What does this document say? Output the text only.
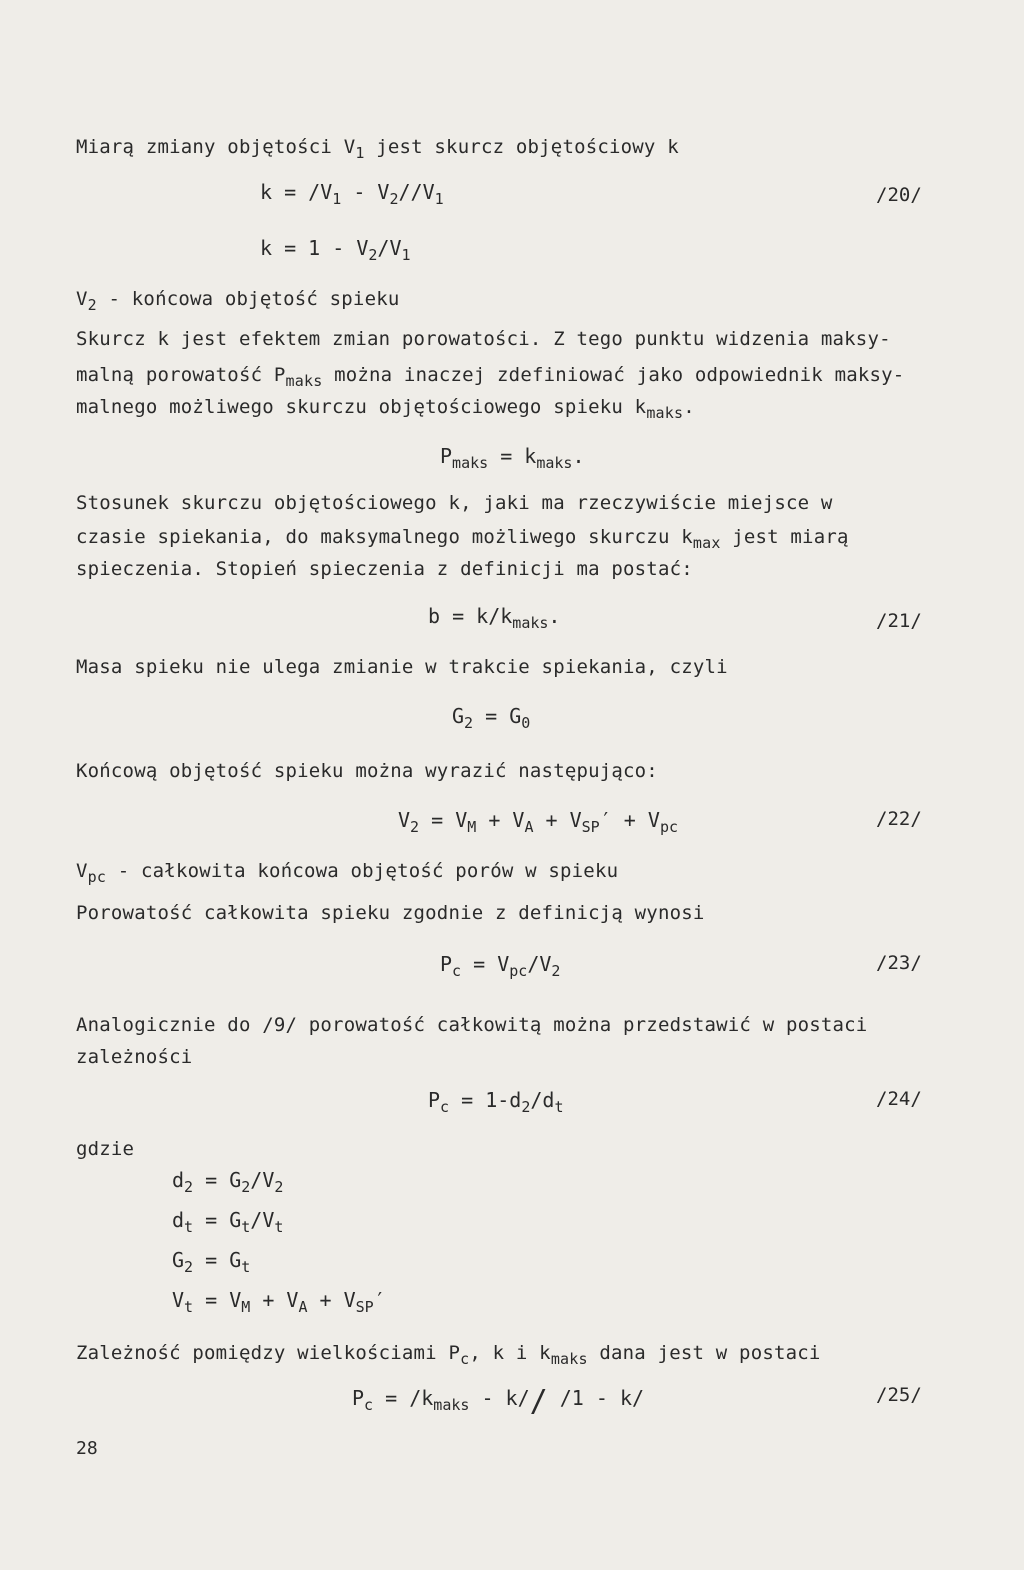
Miarą zmiany objętości $V_1$ jest skurcz objętościowy k
$k = /V_1 - V_2//V_1$	/20/
$k = 1 - V_2/V_1$
$V_2$ - końcowa objętość spieku
Skurcz k jest efektem zmian porowatości. Z tego punktu widzenia maksy-
malną porowatość $P_{maks}$ można inaczej zdefiniować jako odpowiednik maksy-
malnego możliwego skurczu objętościowego spieku $k_{maks}$.
$P_{maks} = k_{maks}$.
Stosunek skurczu objętościowego k, jaki ma rzeczywiście miejsce w
czasie spiekania, do maksymalnego możliwego skurczu $k_{max}$ jest miarą
spieczenia. Stopień spieczenia z definicji ma postać:
$b = k/k_{maks}$.	/21/
Masa spieku nie ulega zmianie w trakcie spiekania, czyli
$G_2 = G_0$
Końcową objętość spieku można wyrazić następująco:
$V_2 = V_M + V_A + V_{SP}' + V_{pc}$	/22/
$V_{pc}$ - całkowita końcowa objętość porów w spieku
Porowatość całkowita spieku zgodnie z definicją wynosi
$P_c = V_{pc}/V_2$	/23/
Analogicznie do /9/ porowatość całkowitą można przedstawić w postaci
zależności
$P_c = 1-d_2/d_t$	/24/
gdzie
$d_2 = G_2/V_2$
$d_t = G_t/V_t$
$G_2 = G_t$
$V_t = V_M + V_A + V_{SP}'$
Zależność pomiędzy wielkościami $P_c$, k i $k_{maks}$ dana jest w postaci
$P_c = /k_{maks} - k//$ /1 - k/	/25/
28
